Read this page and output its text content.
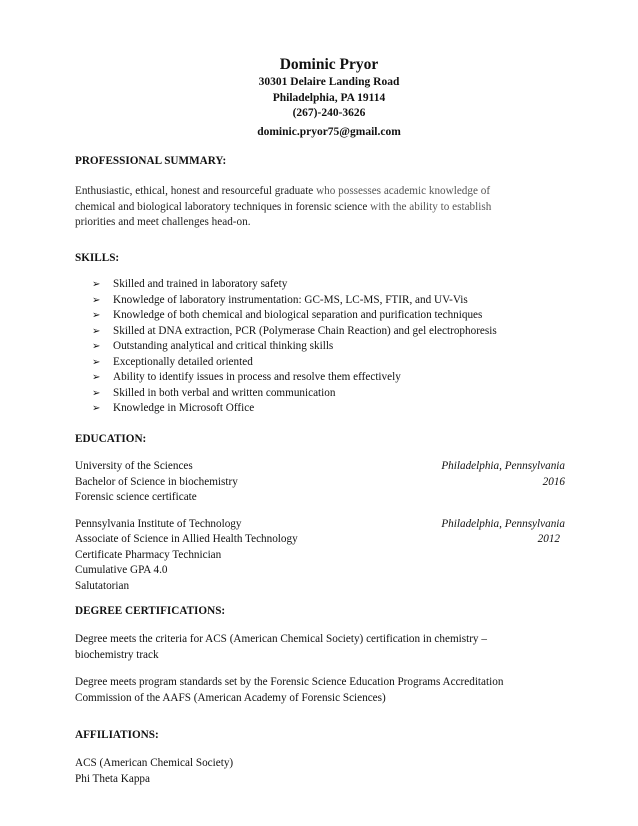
Dominic Pryor
30301 Delaire Landing Road
Philadelphia, PA 19114
(267)-240-3626
dominic.pryor75@gmail.com
PROFESSIONAL SUMMARY:
Enthusiastic, ethical, honest and resourceful graduate who possesses academic knowledge of
chemical and biological laboratory techniques in forensic science with the ability to establish
priorities and meet challenges head-on.
SKILLS:
➢ Skilled and trained in laboratory safety
➢ Knowledge of laboratory instrumentation: GC-MS, LC-MS, FTIR, and UV-Vis
➢ Knowledge of both chemical and biological separation and purification techniques
➢ Skilled at DNA extraction, PCR (Polymerase Chain Reaction) and gel electrophoresis
➢ Outstanding analytical and critical thinking skills
➢ Exceptionally detailed oriented
➢ Ability to identify issues in process and resolve them effectively
➢ Skilled in both verbal and written communication
➢ Knowledge in Microsoft Office
EDUCATION:
University of the Sciences	Philadelphia, Pennsylvania
Bachelor of Science in biochemistry	2016
Forensic science certificate
Pennsylvania Institute of Technology	Philadelphia, Pennsylvania
Associate of Science in Allied Health Technology	2012
Certificate Pharmacy Technician
Cumulative GPA 4.0
Salutatorian
DEGREE CERTIFICATIONS:
Degree meets the criteria for ACS (American Chemical Society) certification in chemistry –
biochemistry track
Degree meets program standards set by the Forensic Science Education Programs Accreditation
Commission of the AAFS (American Academy of Forensic Sciences)
AFFILIATIONS:
ACS (American Chemical Society)
Phi Theta Kappa
